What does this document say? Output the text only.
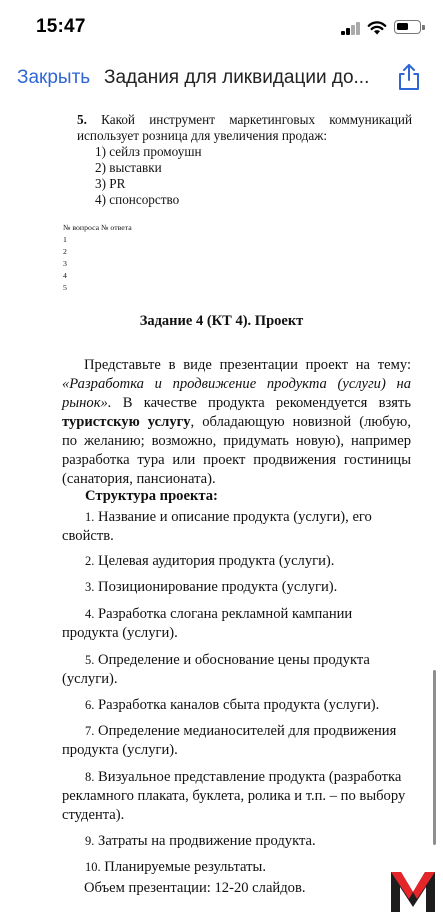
15:47
Закрыть Задания для ликвидации до...
5. Какой инструмент маркетинговых коммуникаций использует розница для увеличения продаж:
1) сейлз промоушн
2) выставки
3) PR
4) спонсорство
№ вопроса № ответа
1
2
3
4
5
Задание 4 (КТ 4). Проект
Представьте в виде презентации проект на тему: «Разработка и продвижение продукта (услуги) на рынок». В качестве продукта рекомендуется взять туристскую услугу, обладающую новизной (любую, по желанию; возможно, придумать новую), например разработка тура или проект продвижения гостиницы (санатория, пансионата).
Структура проекта:
1. Название и описание продукта (услуги), его свойств.
2. Целевая аудитория продукта (услуги).
3. Позиционирование продукта (услуги).
4. Разработка слогана рекламной кампании продукта (услуги).
5. Определение и обоснование цены продукта (услуги).
6. Разработка каналов сбыта продукта (услуги).
7. Определение медианосителей для продвижения продукта (услуги).
8. Визуальное представление продукта (разработка рекламного плаката, буклета, ролика и т.п. – по выбору студента).
9. Затраты на продвижение продукта.
10. Планируемые результаты.
Объем презентации: 12-20 слайдов.
